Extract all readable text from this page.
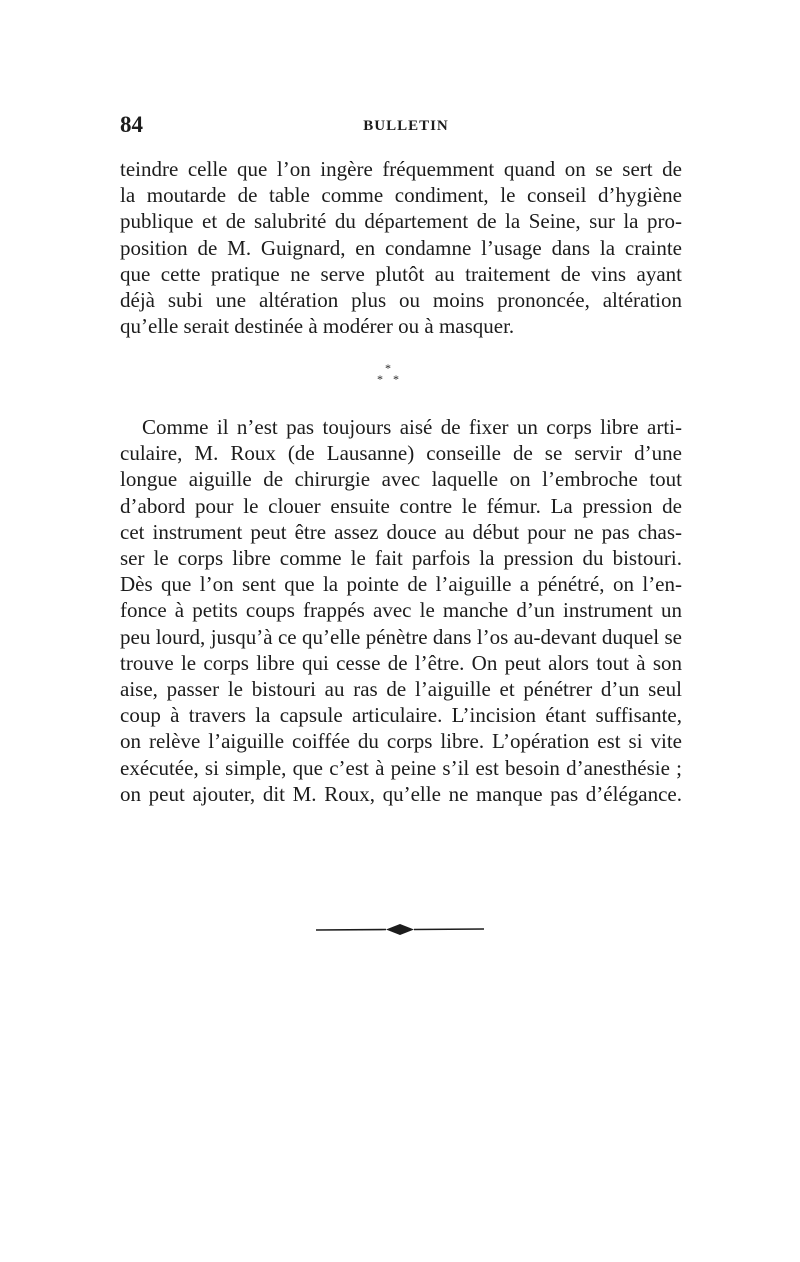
84	BULLETIN

teindre celle que l’on ingère fréquemment quand on se sert de
la moutarde de table comme condiment, le conseil d’hygiène
publique et de salubrité du département de la Seine, sur la pro-
position de M. Guignard, en condamne l’usage dans la crainte
que cette pratique ne serve plutôt au traitement de vins ayant
déjà subi une altération plus ou moins prononcée, altération
qu’elle serait destinée à modérer ou à masquer.

*
* *

Comme il n’est pas toujours aisé de fixer un corps libre arti-
culaire, M. Roux (de Lausanne) conseille de se servir d’une
longue aiguille de chirurgie avec laquelle on l’embroche tout
d’abord pour le clouer ensuite contre le fémur. La pression de
cet instrument peut être assez douce au début pour ne pas chas-
ser le corps libre comme le fait parfois la pression du bistouri.
Dès que l’on sent que la pointe de l’aiguille a pénétré, on l’en-
fonce à petits coups frappés avec le manche d’un instrument un
peu lourd, jusqu’à ce qu’elle pénètre dans l’os au-devant duquel se
trouve le corps libre qui cesse de l’être. On peut alors tout à son
aise, passer le bistouri au ras de l’aiguille et pénétrer d’un seul
coup à travers la capsule articulaire. L’incision étant suffisante,
on relève l’aiguille coiffée du corps libre. L’opération est si vite
exécutée, si simple, que c’est à peine s’il est besoin d’anesthésie ;
on peut ajouter, dit M. Roux, qu’elle ne manque pas d’élégance.
